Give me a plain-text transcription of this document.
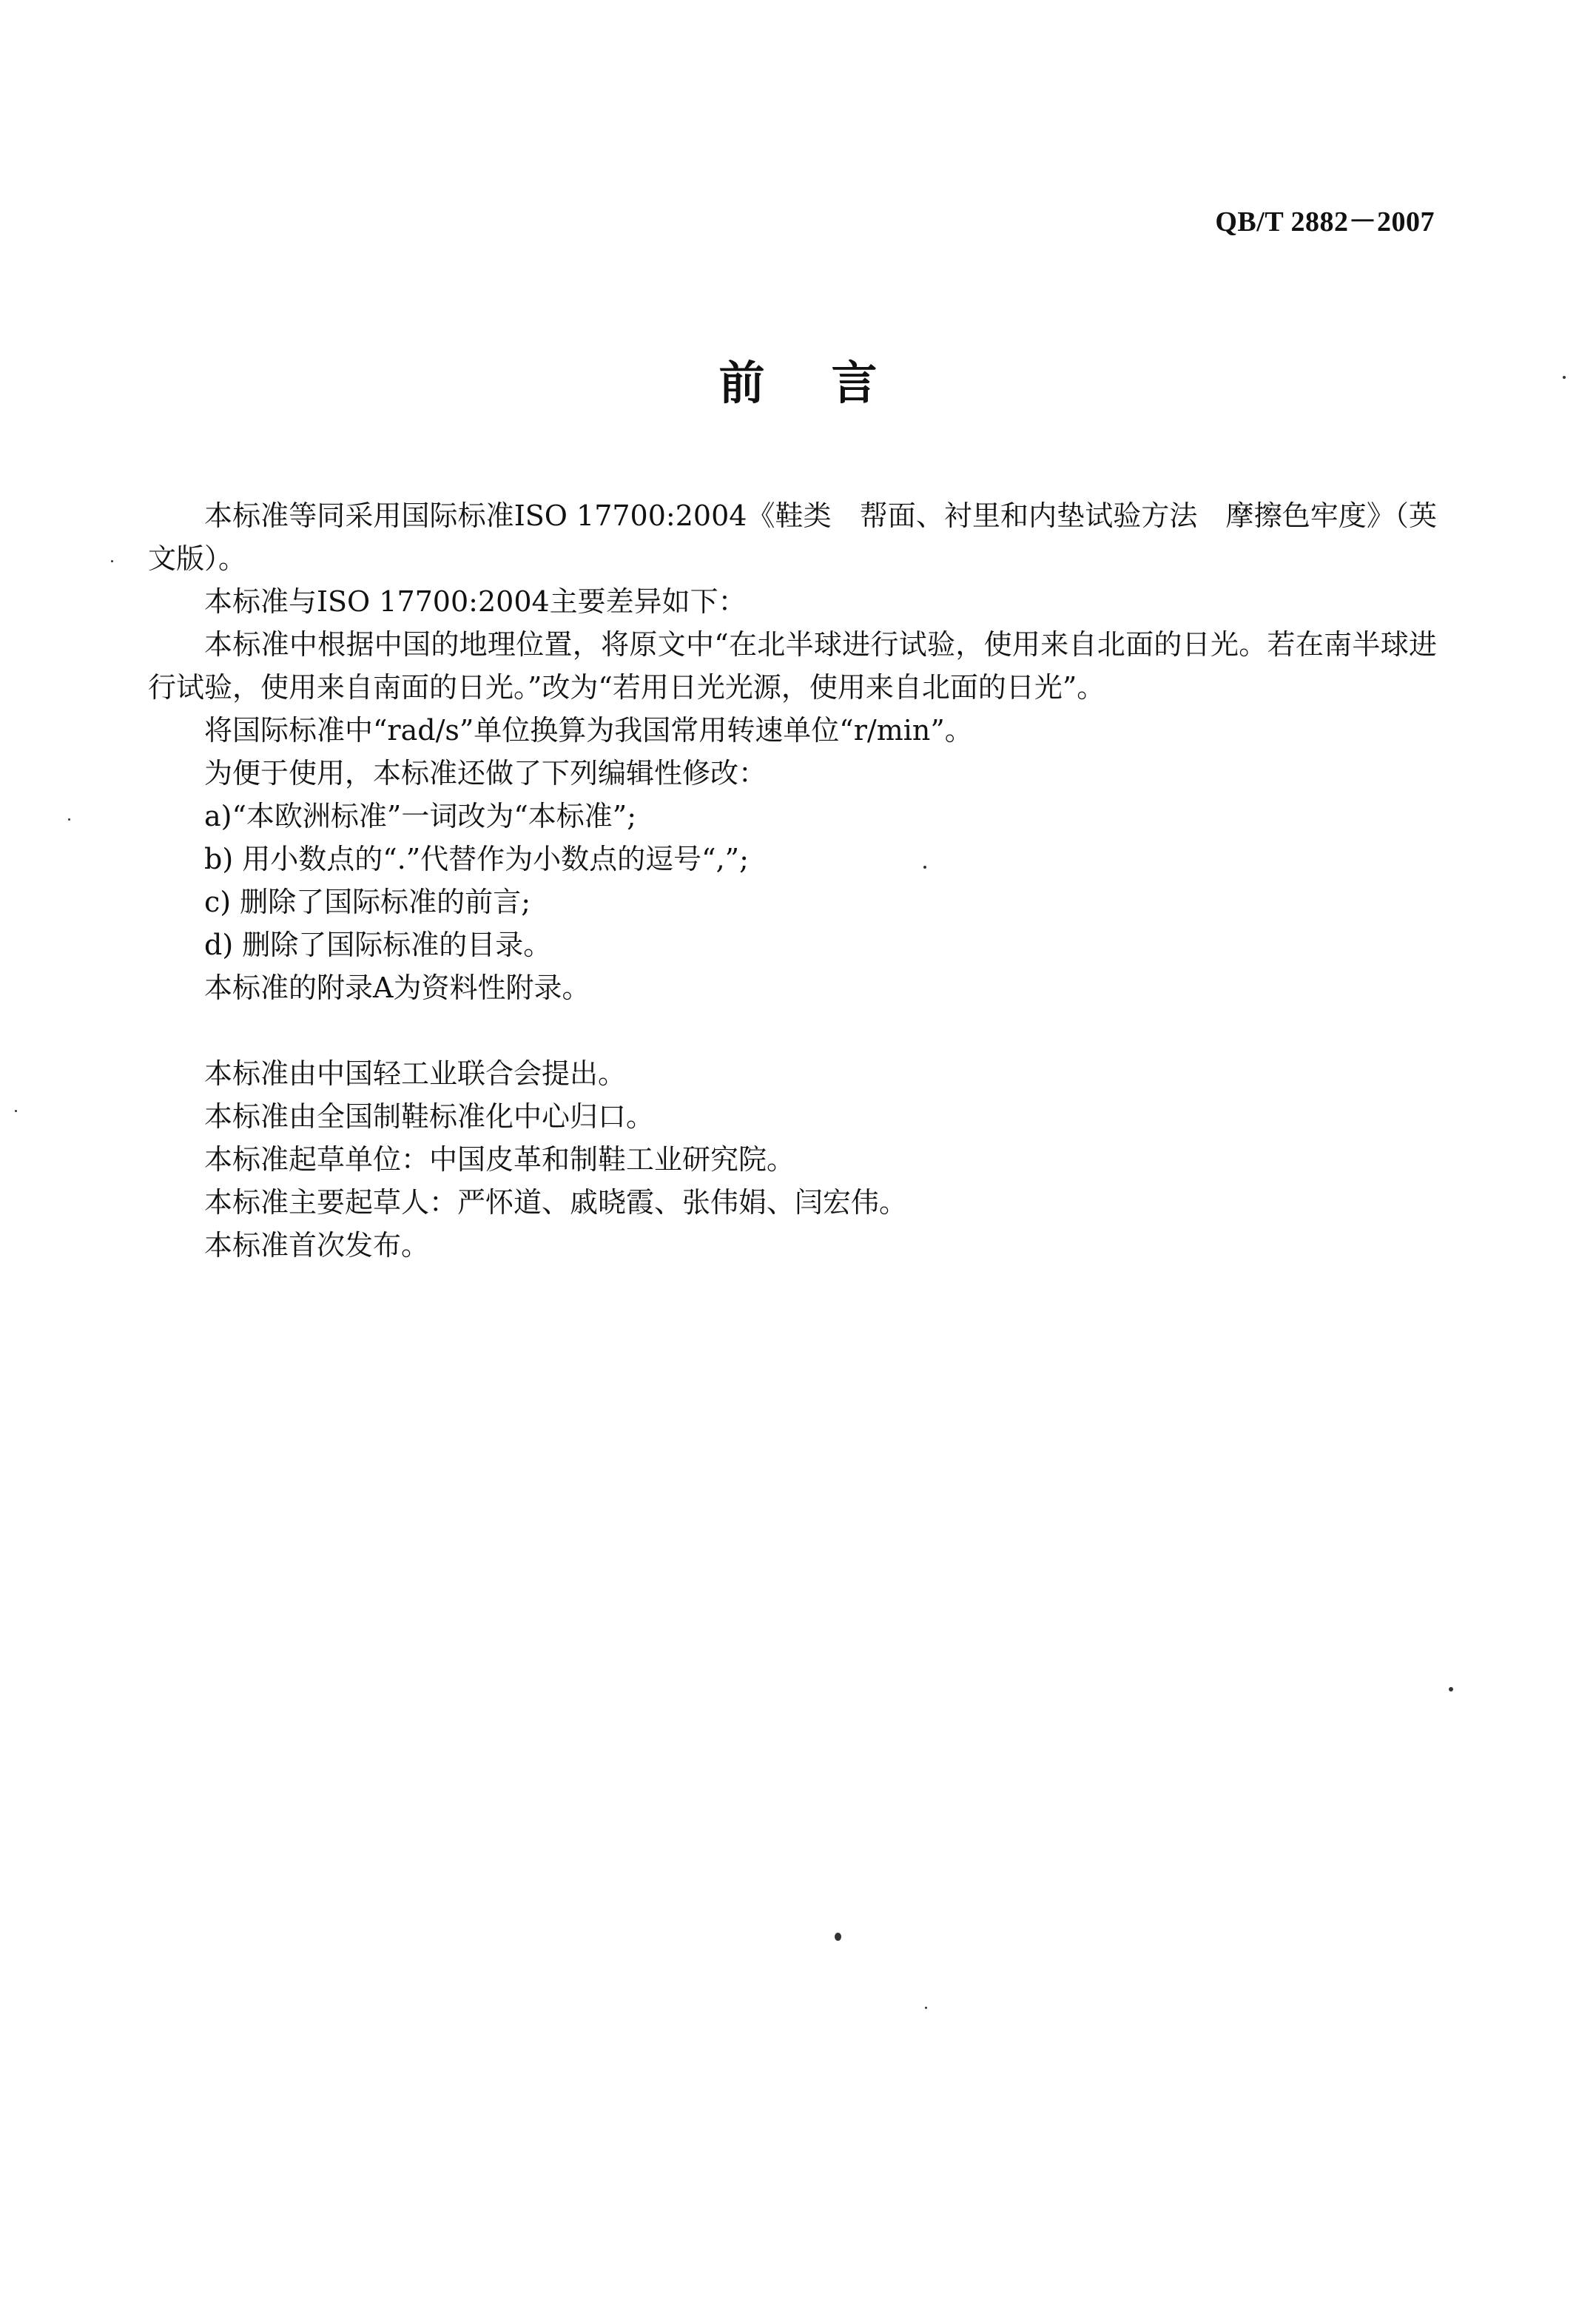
QB/T 2882－2007
前言

本标准等同采用国际标准ISO 17700:2004《鞋类　帮面、衬里和内垫试验方法　摩擦色牢度》（英文版）。

本标准与ISO 17700:2004主要差异如下：

本标准中根据中国的地理位置，将原文中“在北半球进行试验，使用来自北面的日光。若在南半球进行试验，使用来自南面的日光。”改为“若用日光光源，使用来自北面的日光”。

将国际标准中“rad/s”单位换算为我国常用转速单位“r/min”。

为便于使用，本标准还做了下列编辑性修改：

a)“本欧洲标准”一词改为“本标准”;

b) 用小数点的“.”代替作为小数点的逗号“,”;

c) 删除了国际标准的前言;

d) 删除了国际标准的目录。

本标准的附录A为资料性附录。

本标准由中国轻工业联合会提出。

本标准由全国制鞋标准化中心归口。

本标准起草单位：中国皮革和制鞋工业研究院。

本标准主要起草人：严怀道、戚晓霞、张伟娟、闫宏伟。

本标准首次发布。
